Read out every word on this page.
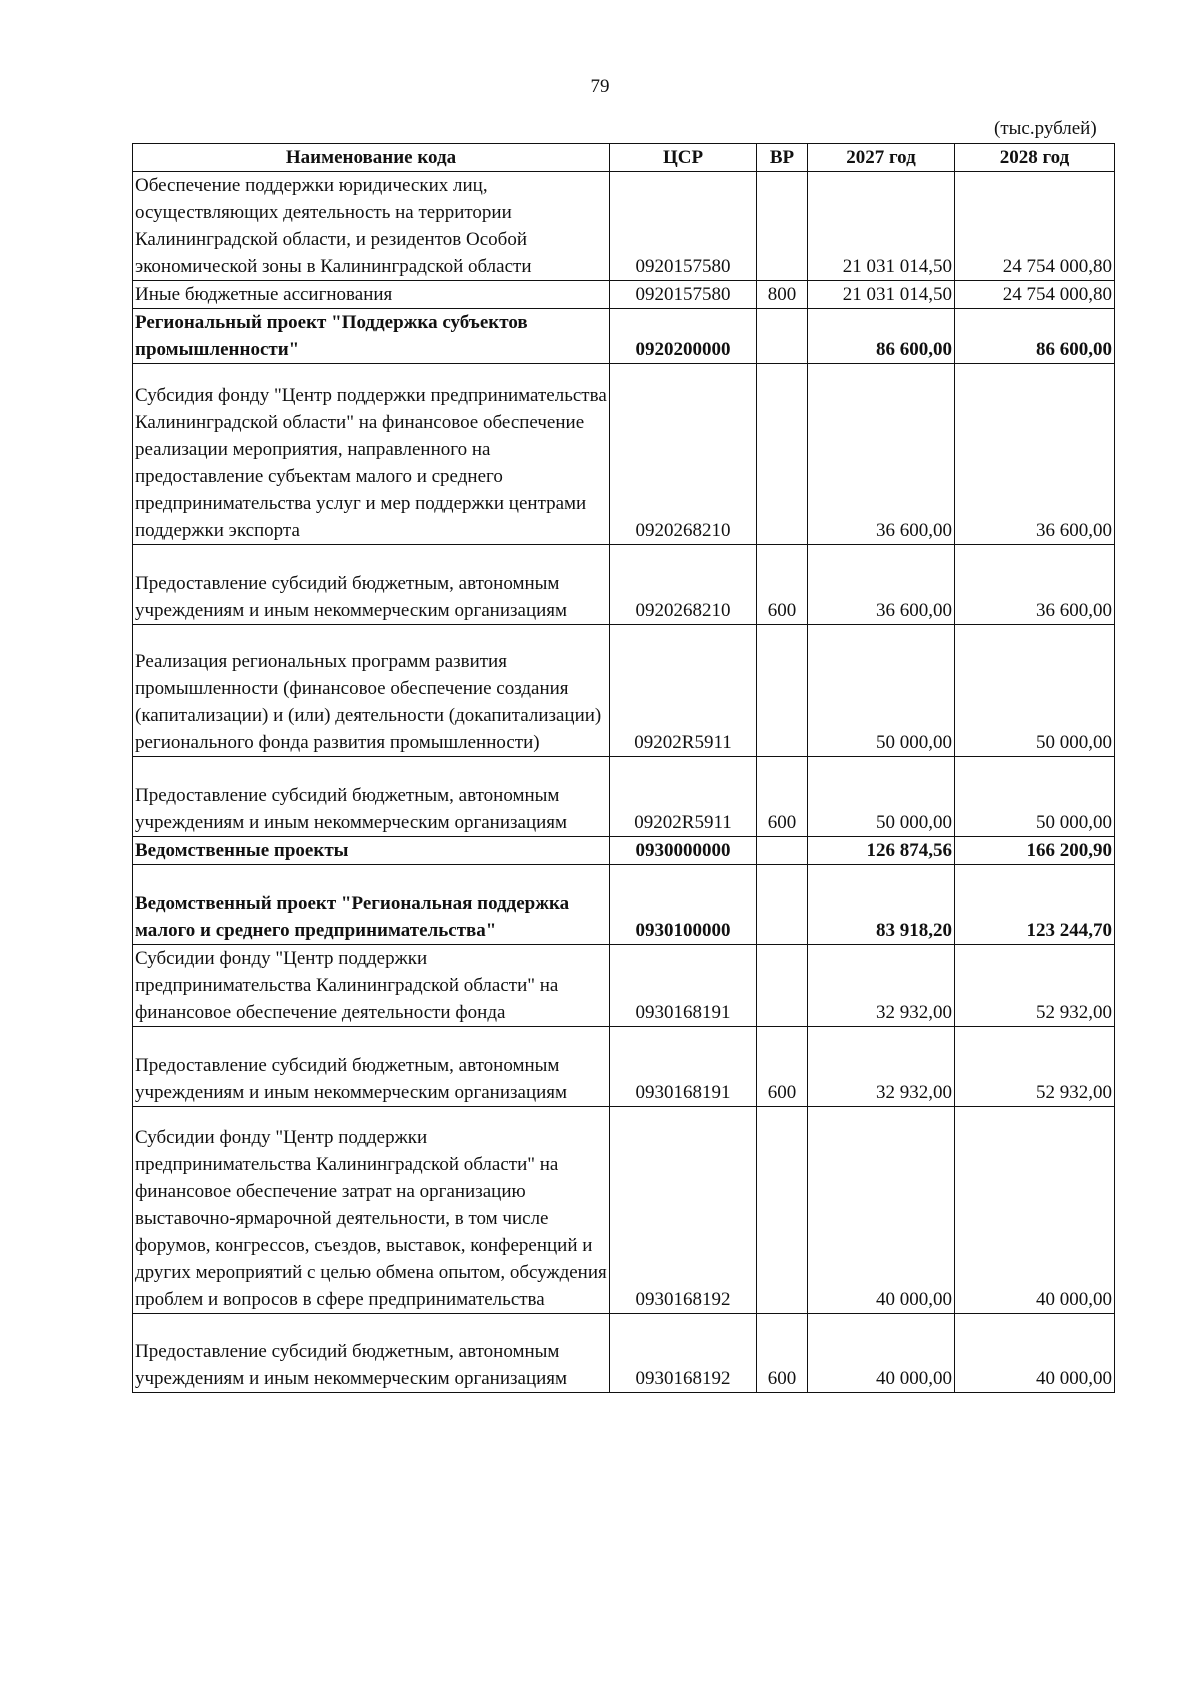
79
(тыс.рублей)
Наименование кода	ЦСР	ВР	2027 год	2028 год
Обеспечение поддержки юридических лиц, осуществляющих деятельность на территории Калининградской области, и резидентов Особой экономической зоны в Калининградской области	0920157580		21 031 014,50	24 754 000,80
Иные бюджетные ассигнования	0920157580	800	21 031 014,50	24 754 000,80
Региональный проект "Поддержка субъектов промышленности"	0920200000		86 600,00	86 600,00
Субсидия фонду "Центр поддержки предпринимательства Калининградской области" на финансовое обеспечение реализации мероприятия, направленного на предоставление субъектам малого и среднего предпринимательства услуг и мер поддержки центрами поддержки экспорта	0920268210		36 600,00	36 600,00
Предоставление субсидий бюджетным, автономным учреждениям и иным некоммерческим организациям	0920268210	600	36 600,00	36 600,00
Реализация региональных программ развития промышленности (финансовое обеспечение создания (капитализации) и (или) деятельности (докапитализации) регионального фонда развития промышленности)	09202R5911		50 000,00	50 000,00
Предоставление субсидий бюджетным, автономным учреждениям и иным некоммерческим организациям	09202R5911	600	50 000,00	50 000,00
Ведомственные проекты	0930000000		126 874,56	166 200,90
Ведомственный проект "Региональная поддержка малого и среднего предпринимательства"	0930100000		83 918,20	123 244,70
Субсидии фонду "Центр поддержки предпринимательства Калининградской области" на финансовое обеспечение деятельности фонда	0930168191		32 932,00	52 932,00
Предоставление субсидий бюджетным, автономным учреждениям и иным некоммерческим организациям	0930168191	600	32 932,00	52 932,00
Субсидии фонду "Центр поддержки предпринимательства Калининградской области" на финансовое обеспечение затрат на организацию выставочно-ярмарочной деятельности, в том числе форумов, конгрессов, съездов, выставок, конференций и других мероприятий с целью обмена опытом, обсуждения проблем и вопросов в сфере предпринимательства	0930168192		40 000,00	40 000,00
Предоставление субсидий бюджетным, автономным учреждениям и иным некоммерческим организациям	0930168192	600	40 000,00	40 000,00
